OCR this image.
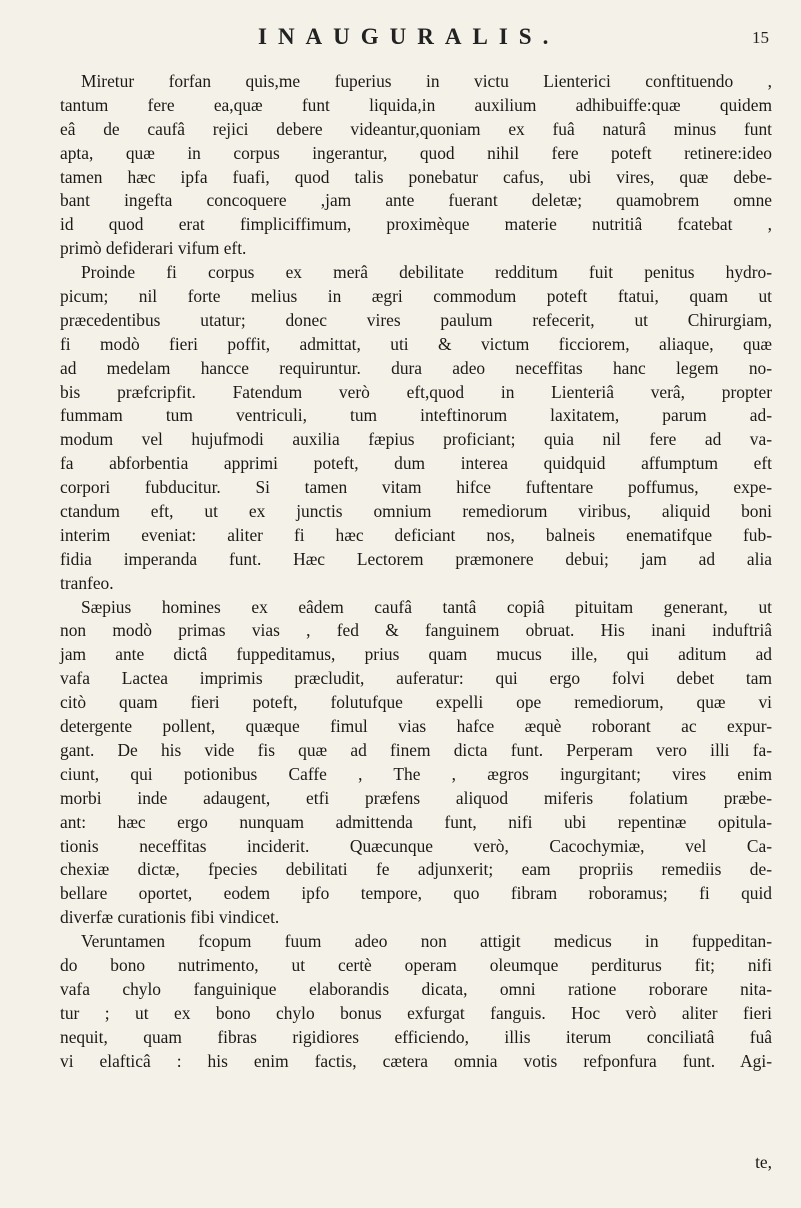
INAUGURALIS.	15
Miretur forfan quis,me fuperius in victu Lienterici conftituendo ,
tantum fere ea,quæ funt liquida,in auxilium adhibuiffe:quæ quidem
eâ de caufâ rejici debere videantur,quoniam ex fuâ naturâ minus funt
apta, quæ in corpus ingerantur, quod nihil fere poteft retinere:ideo
tamen hæc ipfa fuafi, quod talis ponebatur cafus, ubi vires, quæ debe-
bant ingefta concoquere ,jam ante fuerant deletæ; quamobrem omne
id quod erat fimpliciffimum, proximèque materie nutritiâ fcatebat ,
primò defiderari vifum eft.
Proinde fi corpus ex merâ debilitate redditum fuit penitus hydro-
picum; nil forte melius in ægri commodum poteft ftatui, quam ut
præcedentibus utatur; donec vires paulum refecerit, ut Chirurgiam,
fi modò fieri poffit, admittat, uti & victum ficciorem, aliaque, quæ
ad medelam hancce requiruntur. dura adeo neceffitas hanc legem no-
bis præfcripfit. Fatendum verò eft,quod in Lienteriâ verâ, propter
fummam tum ventriculi, tum inteftinorum laxitatem, parum ad-
modum vel hujufmodi auxilia fæpius proficiant; quia nil fere ad va-
fa abforbentia apprimi poteft, dum interea quidquid affumptum eft
corpori fubducitur. Si tamen vitam hifce fuftentare poffumus, expe-
ctandum eft, ut ex junctis omnium remediorum viribus, aliquid boni
interim eveniat: aliter fi hæc deficiant nos, balneis enematifque fub-
fidia imperanda funt. Hæc Lectorem præmonere debui; jam ad alia
tranfeo.
Sæpius homines ex eâdem caufâ tantâ copiâ pituitam generant, ut
non modò primas vias , fed & fanguinem obruat. His inani induftriâ
jam ante dictâ fuppeditamus, prius quam mucus ille, qui aditum ad
vafa Lactea imprimis præcludit, auferatur: qui ergo folvi debet tam
citò quam fieri poteft, folutufque expelli ope remediorum, quæ vi
detergente pollent, quæque fimul vias hafce æquè roborant ac expur-
gant. De his vide fis quæ ad finem dicta funt. Perperam vero illi fa-
ciunt, qui potionibus Caffe , The , ægros ingurgitant; vires enim
morbi inde adaugent, etfi præfens aliquod miferis folatium præbe-
ant: hæc ergo nunquam admittenda funt, nifi ubi repentinæ opitula-
tionis neceffitas inciderit. Quæcunque verò, Cacochymiæ, vel Ca-
chexiæ dictæ, fpecies debilitati fe adjunxerit; eam propriis remediis de-
bellare oportet, eodem ipfo tempore, quo fibram roboramus; fi quid
diverfæ curationis fibi vindicet.
Veruntamen fcopum fuum adeo non attigit medicus in fuppeditan-
do bono nutrimento, ut certè operam oleumque perditurus fit; nifi
vafa chylo fanguinique elaborandis dicata, omni ratione roborare nita-
tur ; ut ex bono chylo bonus exfurgat fanguis. Hoc verò aliter fieri
nequit, quam fibras rigidiores efficiendo, illis iterum conciliatâ fuâ
vi elafticâ : his enim factis, cætera omnia votis refponfura funt. Agi-
te,
